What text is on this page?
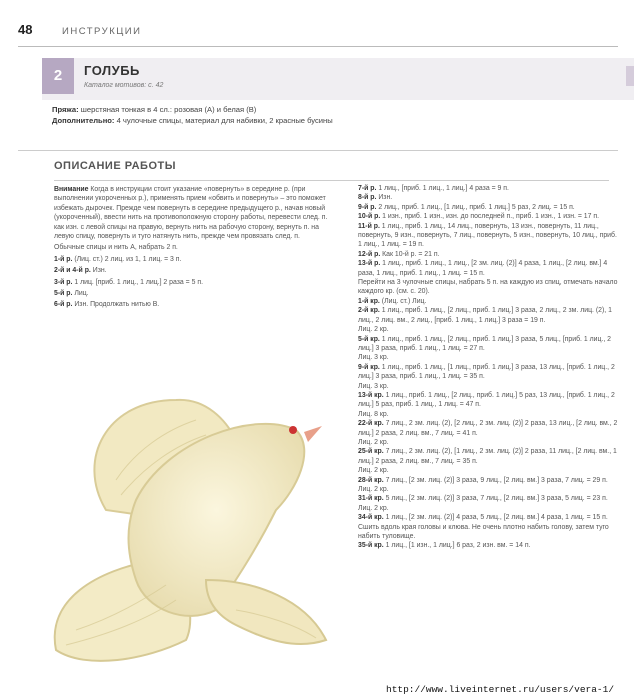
48	ИНСТРУКЦИИ
2	ГОЛУБЬ
Каталог мотивов: с. 42
Пряжа: шерстяная тонкая в 4 сл.: розовая (А) и белая (В)
Дополнительно: 4 чулочные спицы, материал для набивки, 2 красные бусины
ОПИСАНИЕ РАБОТЫ

Внимание Когда в инструкции стоит указание «повернуть» в середине р. (при выполнении укороченных р.), применять прием «обвить и повернуть» – это поможет избежать дырочек. Прежде чем повернуть в середине предыдущего р., начав новый (укороченный), ввести нить на противоположную сторону работы, перевести след. п. как изн. с левой спицы на правую, вернуть нить на рабочую сторону, вернуть п. на левую спицу, повернуть и туго натянуть нить, прежде чем провязать след. п.

Обычные спицы и нить А, набрать 2 п.

1-й р. (Лиц. ст.) 2 лиц. из 1, 1 лиц. = 3 п.

2-й и 4-й р. Изн.

3-й р. 1 лиц. [приб. 1 лиц., 1 лиц.] 2 раза = 5 п.

5-й р. Лиц.

6-й р. Изн. Продолжать нитью В.

7-й р. 1 лиц., [приб. 1 лиц., 1 лиц.] 4 раза = 9 п.

8-й р. Изн.

9-й р. 2 лиц., приб. 1 лиц., [1 лиц., приб. 1 лиц.] 5 раз, 2 лиц. = 15 п.

10-й р. 1 изн., приб. 1 изн., изн. до последней п., приб. 1 изн., 1 изн. = 17 п.

11-й р. 1 лиц., приб. 1 лиц., 14 лиц., повернуть, 13 изн., повернуть, 11 лиц., повернуть, 9 изн., повернуть, 7 лиц., повернуть, 5 изн., повернуть, 10 лиц., приб. 1 лиц., 1 лиц. = 19 п.

12-й р. Как 10-й р. = 21 п.

13-й р. 1 лиц., приб. 1 лиц., 1 лиц., [2 зм. лиц. (2)] 4 раза, 1 лиц., [2 лиц. вм.] 4 раза, 1 лиц., приб. 1 лиц., 1 лиц. = 15 п.

Перейти на 3 чулочные спицы, набрать 5 п. на каждую из спиц, отмечать начало каждого кр. (см. с. 20).

1-й кр. (Лиц. ст.) Лиц.

2-й кр. 1 лиц., приб. 1 лиц., [2 лиц., приб. 1 лиц.] 3 раза, 2 лиц., 2 зм. лиц. (2), 1 лиц., 2 лиц. вм., 2 лиц., [приб. 1 лиц., 1 лиц.] 3 раза = 19 п.

Лиц. 2 кр.

5-й кр. 1 лиц., приб. 1 лиц., [2 лиц., приб. 1 лиц.] 3 раза, 5 лиц., [приб. 1 лиц., 2 лиц.] 3 раза, приб. 1 лиц., 1 лиц. = 27 п.

Лиц. 3 кр.

9-й кр. 1 лиц., приб. 1 лиц., [1 лиц., приб. 1 лиц.] 3 раза, 13 лиц., [приб. 1 лиц., 2 лиц.] 3 раза, приб. 1 лиц., 1 лиц. = 35 п.

Лиц. 3 кр.

13-й кр. 1 лиц., приб. 1 лиц., [2 лиц., приб. 1 лиц.] 5 раз, 13 лиц., [приб. 1 лиц., 2 лиц.] 5 раз, приб. 1 лиц., 1 лиц. = 47 п.

Лиц. 8 кр.

22-й кр. 7 лиц., 2 зм. лиц. (2), [2 лиц., 2 зм. лиц. (2)] 2 раза, 13 лиц., [2 лиц. вм., 2 лиц.] 2 раза, 2 лиц. вм., 7 лиц. = 41 п.

Лиц. 2 кр.

25-й кр. 7 лиц., 2 зм. лиц. (2), [1 лиц., 2 зм. лиц. (2)] 2 раза, 11 лиц., [2 лиц. вм., 1 лиц.] 2 раза, 2 лиц. вм., 7 лиц. = 35 п.

Лиц. 2 кр.

28-й кр. 7 лиц., [2 зм. лиц. (2)] 3 раза, 9 лиц., [2 лиц. вм.] 3 раза, 7 лиц. = 29 п.

Лиц. 2 кр.

31-й кр. 5 лиц., [2 зм. лиц. (2)] 3 раза, 7 лиц., [2 лиц. вм.] 3 раза, 5 лиц. = 23 п.

Лиц. 2 кр.

34-й кр. 1 лиц., [2 зм. лиц. (2)] 4 раза, 5 лиц., [2 лиц. вм.] 4 раза, 1 лиц. = 15 п.

Сшить вдоль края головы и клюва. Не очень плотно набить голову, затем туго набить туловище.

35-й кр. 1 лиц., [1 изн., 1 лиц.] 6 раз, 2 изн. вм. = 14 п.

http://www.liveinternet.ru/users/vera-1/
